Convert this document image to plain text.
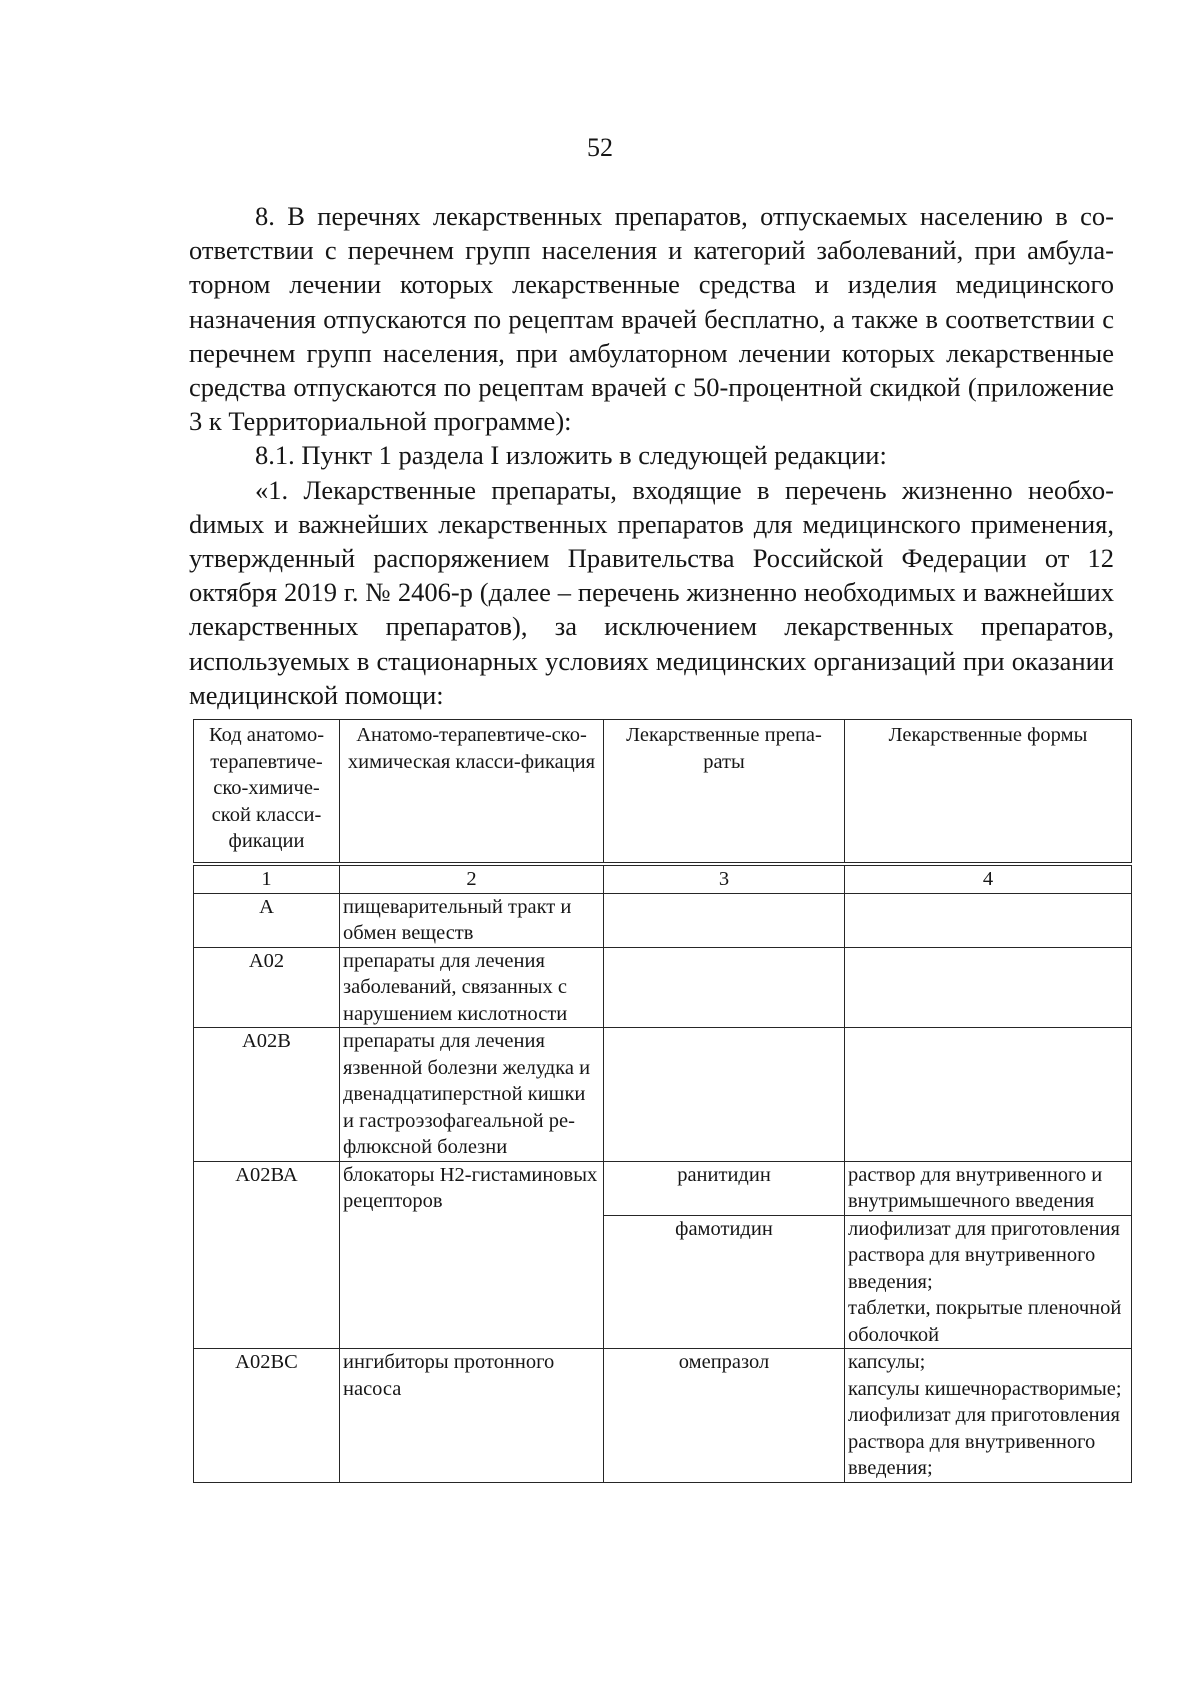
52

8. В перечнях лекарственных препаратов, отпускаемых населению в соответствии с перечнем групп населения и категорий заболеваний, при амбулаторном лечении которых лекарственные средства и изделия медицинского назначения отпускаются по рецептам врачей бесплатно, а также в соответствии с перечнем групп населения, при амбулаторном лечении которых лекарственные средства отпускаются по рецептам врачей с 50-процентной скидкой (приложение 3 к Территориальной программе):

8.1. Пункт 1 раздела I изложить в следующей редакции:

«1. Лекарственные препараты, входящие в перечень жизненно необхоdимых и важнейших лекарственных препаратов для медицинского применeния, утвержденный распоряжением Правительства Российской Федерации от 12 октября 2019 г. № 2406-р (далее – перечень жизненно необходимых и важнейших лекарственных препаратов), за исключением лекарственных препаратов, используемых в стационарных условиях медицинских организаций при оказании медицинской помощи:

Код анатомо-терапевтиче-ско-химиче-ской класси-фикации	Анатомо-терапевтиче-ско-химическая класси-фикация	Лекарственные препа-раты	Лекарственные формы
1	2	3	4
А	пищеварительный тракт и обмен веществ		
А02	препараты для лечения заболеваний, связанных с нарушением кислотности		
А02В	препараты для лечения язвенной болезни желудка и двенадцатиперстной кишки и гастроэзофагеальной рефлюксной болезни		
А02ВА	блокаторы Н2-гистаминовых рецепторов	ранитидин	раствор для внутривенного и внутримышечного введения

		фамотидин	лиофилизат для приготовления раствора для внутривенного введения;
таблетки, покрытые пленочной оболочкой

А02ВС	ингибиторы протонного насоса	омепразол	капсулы;
капсулы кишечнорастворимые;
лиофилизат для приготовления раствора для внутривенного введения;
